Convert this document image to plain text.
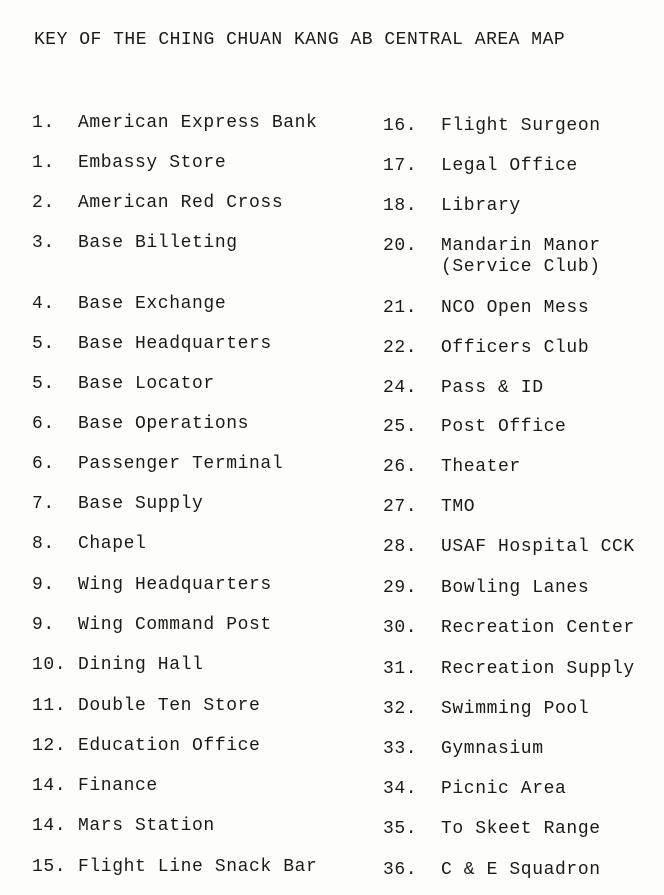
KEY OF THE CHING CHUAN KANG AB CENTRAL AREA MAP
1. American Express Bank
1. Embassy Store
2. American Red Cross
3. Base Billeting
4. Base Exchange
5. Base Headquarters
5. Base Locator
6. Base Operations
6. Passenger Terminal
7. Base Supply
8. Chapel
9. Wing Headquarters
9. Wing Command Post
10. Dining Hall
11. Double Ten Store
12. Education Office
14. Finance
14. Mars Station
15. Flight Line Snack Bar
16. Flight Surgeon
17. Legal Office
18. Library
20. Mandarin Manor
(Service Club)
21. NCO Open Mess
22. Officers Club
24. Pass & ID
25. Post Office
26. Theater
27. TMO
28. USAF Hospital CCK
29. Bowling Lanes
30. Recreation Center
31. Recreation Supply
32. Swimming Pool
33. Gymnasium
34. Picnic Area
35. To Skeet Range
36. C & E Squadron
